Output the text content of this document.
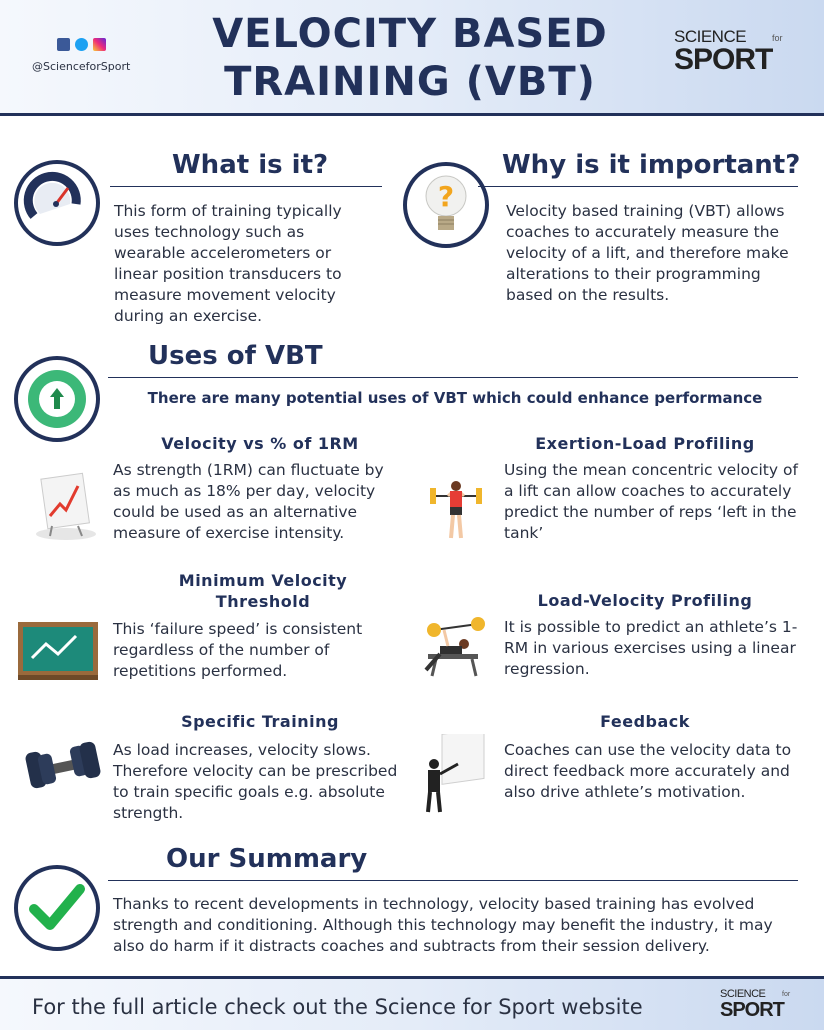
@ScienceforSport
VELOCITY BASED
TRAINING (VBT)
SCIENCE	for
SPORT
What is it?
This form of training typically uses technology such as wearable accelerometers or linear position transducers to measure movement velocity during an exercise.
?
Why is it important?
Velocity based training (VBT) allows coaches to accurately measure the velocity of a lift, and therefore make alterations to their programming based on the results.
Uses of VBT
There are many potential uses of VBT which could enhance performance
Velocity vs % of 1RM
As strength (1RM) can fluctuate by as much as 18% per day, velocity could be used as an alternative measure of exercise intensity.
Exertion-Load Profiling
Using the mean concentric velocity of a lift can allow coaches to accurately predict the number of reps ‘left in the tank’
Minimum Velocity Threshold
This ‘failure speed’ is consistent regardless of the number of repetitions performed.
Load-Velocity Profiling
It is possible to predict an athlete’s 1-RM in various exercises using a linear regression.
Specific Training
As load increases, velocity slows. Therefore velocity can be prescribed to train specific goals e.g. absolute strength.
Feedback
Coaches can use the velocity data to direct feedback more accurately and also drive athlete’s motivation.
Our Summary
Thanks to recent developments in technology, velocity based training has evolved strength and conditioning. Although this technology may benefit the industry, it may also do harm if it distracts coaches and subtracts from their session delivery.
For the full article check out the Science for Sport website
SCIENCE	for
SPORT
